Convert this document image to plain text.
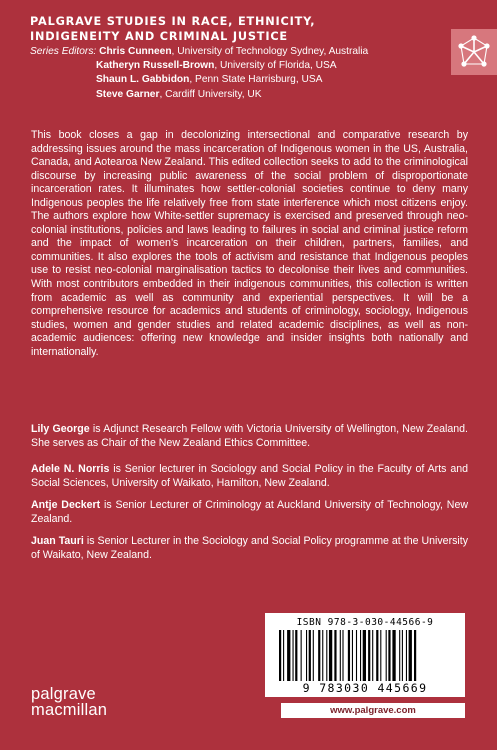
PALGRAVE STUDIES IN RACE, ETHNICITY,
INDIGENEITY AND CRIMINAL JUSTICE
Series Editors: Chris Cunneen, University of Technology Sydney, Australia
Katheryn Russell-Brown, University of Florida, USA
Shaun L. Gabbidon, Penn State Harrisburg, USA
Steve Garner, Cardiff University, UK
This book closes a gap in decolonizing intersectional and comparative research by addressing issues around the mass incarceration of Indigenous women in the US, Australia, Canada, and Aotearoa New Zealand. This edited collection seeks to add to the criminological discourse by increasing public awareness of the social problem of disproportionate incarceration rates. It illuminates how settler-colonial societies continue to deny many Indigenous peoples the life relatively free from state interference which most citizens enjoy. The authors explore how White-settler supremacy is exercised and preserved through neo-colonial institutions, policies and laws leading to failures in social and criminal justice reform and the impact of women’s incarceration on their children, partners, families, and communities. It also explores the tools of activism and resistance that Indigenous peoples use to resist neo-colonial marginalisation tactics to decolonise their lives and communities. With most contributors embedded in their indigenous communities, this collection is written from academic as well as community and experiential perspectives. It will be a comprehensive resource for academics and students of criminology, sociology, Indigenous studies, women and gender studies and related academic disciplines, as well as non-academic audiences: offering new knowledge and insider insights both nationally and internationally.
Lily George is Adjunct Research Fellow with Victoria University of Wellington, New Zealand. She serves as Chair of the New Zealand Ethics Committee.
Adele N. Norris is Senior lecturer in Sociology and Social Policy in the Faculty of Arts and Social Sciences, University of Waikato, Hamilton, New Zealand.
Antje Deckert is Senior Lecturer of Criminology at Auckland University of Technology, New Zealand.
Juan Tauri is Senior Lecturer in the Sociology and Social Policy programme at the University of Waikato, New Zealand.
ISBN 978-3-030-44566-9
9 783030 445669
www.palgrave.com
palgrave
macmillan
